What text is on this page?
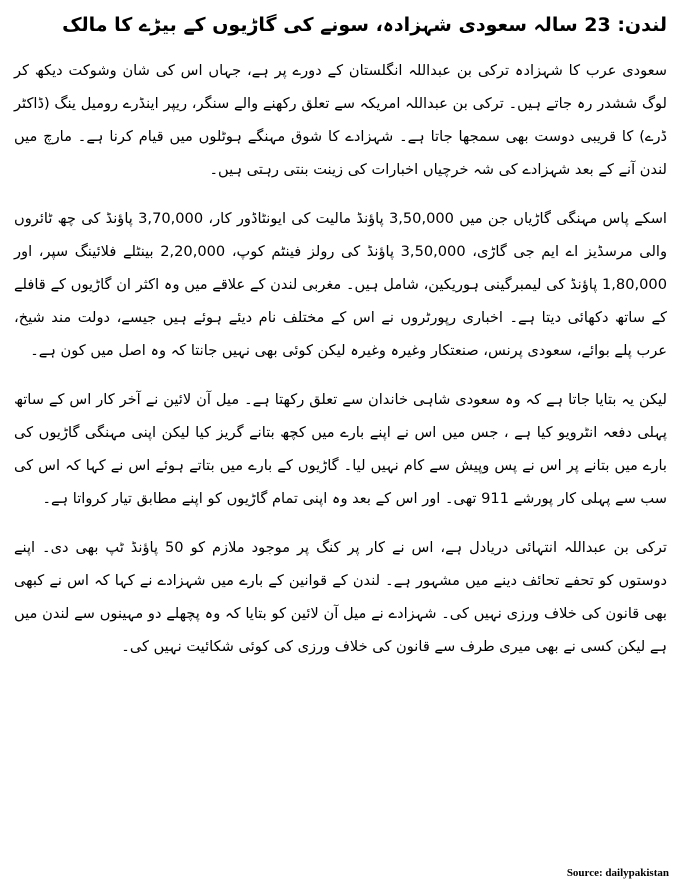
لندن: 23 سالہ سعودی شہزادہ، سونے کی گاڑیوں کے بیڑے کا مالک

سعودی عرب کا شہزادہ ترکی بن عبداللہ انگلستان کے دورے پر ہے، جہاں اس کی شان وشوکت دیکھ کر لوگ ششدر رہ جاتے ہیں۔ ترکی بن عبداللہ امریکہ سے تعلق رکھنے والے سنگر، ریپر اینڈرے رومیل ینگ (ڈاکٹر ڈرے) کا قریبی دوست بھی سمجھا جاتا ہے۔ شہزادے کا شوق مہنگے ہوٹلوں میں قیام کرنا ہے۔ مارچ میں لندن آنے کے بعد شہزادے کی شہ خرچیاں اخبارات کی زینت بنتی رہتی ہیں۔

اسکے پاس مہنگی گاڑیاں جن میں 3,50,000 پاؤنڈ مالیت کی ایونٹاڈور کار، 3,70,000 پاؤنڈ کی چھ ٹائروں والی مرسڈیز اے ایم جی گاڑی، 3,50,000 پاؤنڈ کی رولز فینٹم کوپ، 2,20,000 بینٹلے فلائینگ سپر، اور 1,80,000 پاؤنڈ کی لیمبرگینی ہوریکین، شامل ہیں۔ مغربی لندن کے علاقے میں وہ اکثر ان گاڑیوں کے قافلے کے ساتھ دکھائی دیتا ہے۔ اخباری رپورٹروں نے اس کے مختلف نام دیئے ہوئے ہیں جیسے، دولت مند شیخ، عرب پلے بوائے، سعودی پرنس، صنعتکار وغیرہ وغیرہ لیکن کوئی بھی نہیں جانتا کہ وہ اصل میں کون ہے۔

لیکن یہ بتایا جاتا ہے کہ وہ سعودی شاہی خاندان سے تعلق رکھتا ہے۔ میل آن لائین نے آخر کار اس کے ساتھ پہلی دفعہ انٹرویو کیا ہے ، جس میں اس نے اپنے بارے میں کچھ بتانے گریز کیا لیکن اپنی مہنگی گاڑیوں کی بارے میں بتانے پر اس نے پس وپیش سے کام نہیں لیا۔ گاڑیوں کے بارے میں بتاتے ہوئے اس نے کہا کہ اس کی سب سے پہلی کار پورشے 911 تھی۔ اور اس کے بعد وہ اپنی تمام گاڑیوں کو اپنے مطابق تیار کرواتا ہے۔

ترکی بن عبداللہ انتہائی دریادل ہے، اس نے کار پر کنگ پر موجود ملازم کو 50 پاؤنڈ ٹپ بھی دی۔ اپنے دوستوں کو تحفے تحائف دینے میں مشہور ہے۔ لندن کے قوانین کے بارے میں شہزادے نے کہا کہ اس نے کبھی بھی قانون کی خلاف ورزی نہیں کی۔ شہزادے نے میل آن لائین کو بتایا کہ وہ پچھلے دو مہینوں سے لندن میں ہے لیکن کسی نے بھی میری طرف سے قانون کی خلاف ورزی کی کوئی شکائیت نہیں کی۔

Source: dailypakistan
